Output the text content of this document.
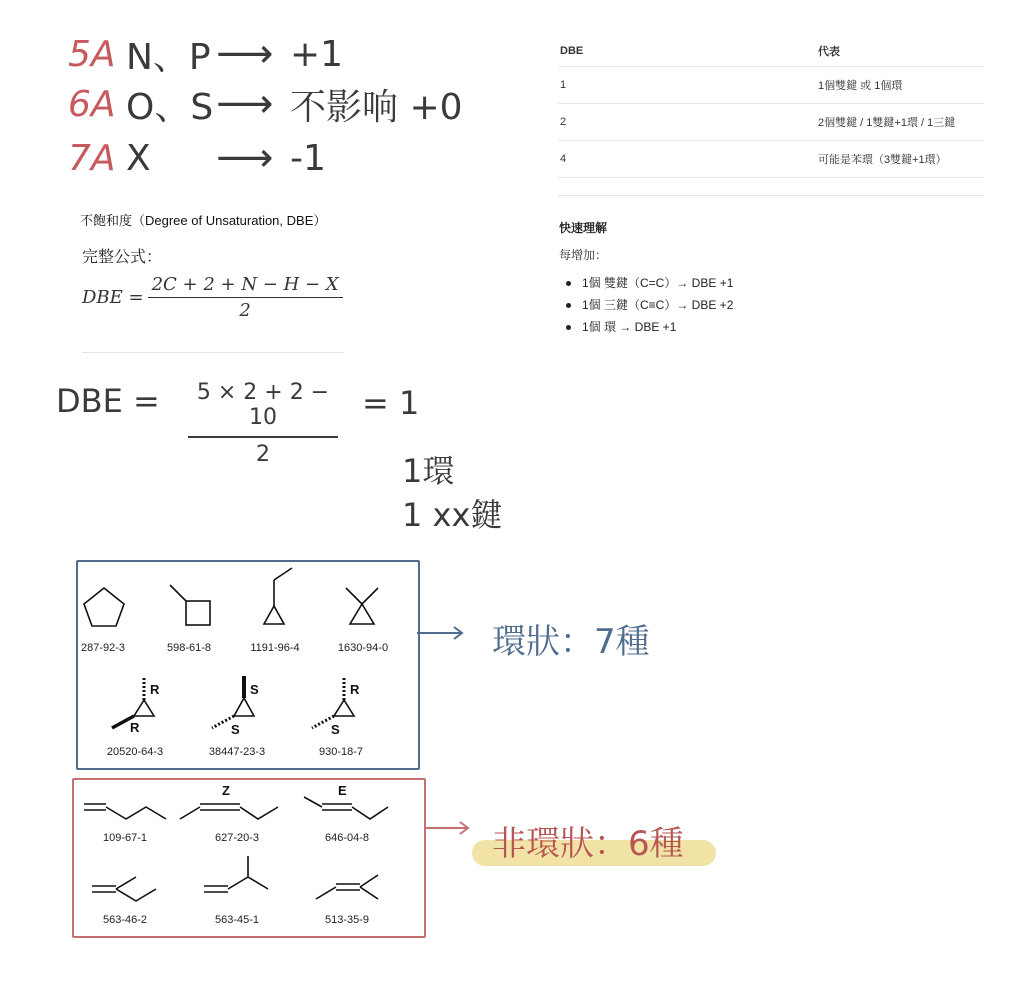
5A N、P ⟶ +1
6A O、S ⟶ 不影响 +0
7A X	⟶ -1
不飽和度（Degree of Unsaturation, DBE）
完整公式：
DBE = $\frac{2C + 2 + N - H - X}{2}$
DBE = $\frac{5 \times 2 + 2 - 10}{2} = 1$
1環
1 xx鍵
DBE	代表
1	1個雙鍵 或 1個環
2	2個雙鍵 / 1雙鍵+1環 / 1三鍵
4	可能是苯環（3雙鍵+1環）
快速理解
每增加：
1個 雙鍵（C=C）→ DBE +1
1個 三鍵（C≡C）→ DBE +2
1個 環 → DBE +1
R
R
S
S
R
S
Z	E
287-92-3	598-61-8	1191-96-4	1630-94-0
20520-64-3	38447-23-3	930-18-7
環狀：7種
109-67-1	627-20-3	646-04-8
563-46-2	563-45-1	513-35-9
非環狀：6種
